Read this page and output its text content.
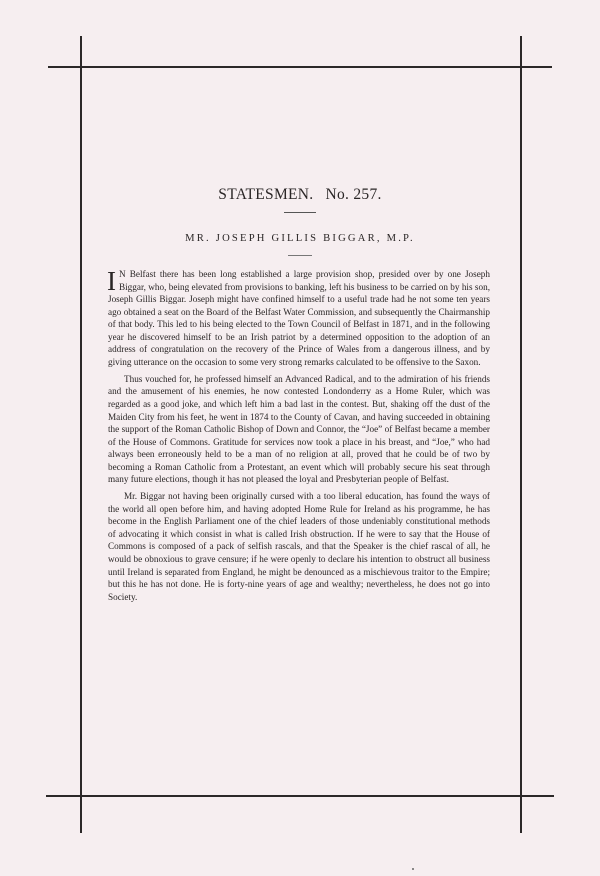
STATESMEN. No. 257.
MR. JOSEPH GILLIS BIGGAR, M.P.

I N Belfast there has been long established a large provision shop, presided over by one Joseph Biggar, who, being elevated from provisions to banking, left his business to be carried on by his son, Joseph Gillis Biggar. Joseph might have confined himself to a useful trade had he not some ten years ago obtained a seat on the Board of the Belfast Water Commission, and subsequently the Chairmanship of that body. This led to his being elected to the Town Council of Belfast in 1871, and in the following year he discovered himself to be an Irish patriot by a determined opposition to the adoption of an address of congratulation on the recovery of the Prince of Wales from a dangerous illness, and by giving utterance on the occasion to some very strong remarks calculated to be offensive to the Saxon.

Thus vouched for, he professed himself an Advanced Radical, and to the admiration of his friends and the amusement of his enemies, he now contested Londonderry as a Home Ruler, which was regarded as a good joke, and which left him a bad last in the contest. But, shaking off the dust of the Maiden City from his feet, he went in 1874 to the County of Cavan, and having succeeded in obtaining the support of the Roman Catholic Bishop of Down and Connor, the “Joe” of Belfast became a member of the House of Commons. Gratitude for services now took a place in his breast, and “Joe,” who had always been erroneously held to be a man of no religion at all, proved that he could be of two by becoming a Roman Catholic from a Protestant, an event which will probably secure his seat through many future elections, though it has not pleased the loyal and Presbyterian people of Belfast.

Mr. Biggar not having been originally cursed with a too liberal education, has found the ways of the world all open before him, and having adopted Home Rule for Ireland as his programme, he has become in the English Parliament one of the chief leaders of those undeniably constitutional methods of advocating it which consist in what is called Irish obstruction. If he were to say that the House of Commons is composed of a pack of selfish rascals, and that the Speaker is the chief rascal of all, he would be obnoxious to grave censure; if he were openly to declare his intention to obstruct all business until Ireland is separated from England, he might be denounced as a mischievous traitor to the Empire; but this he has not done. He is forty-nine years of age and wealthy; nevertheless, he does not go into Society.
